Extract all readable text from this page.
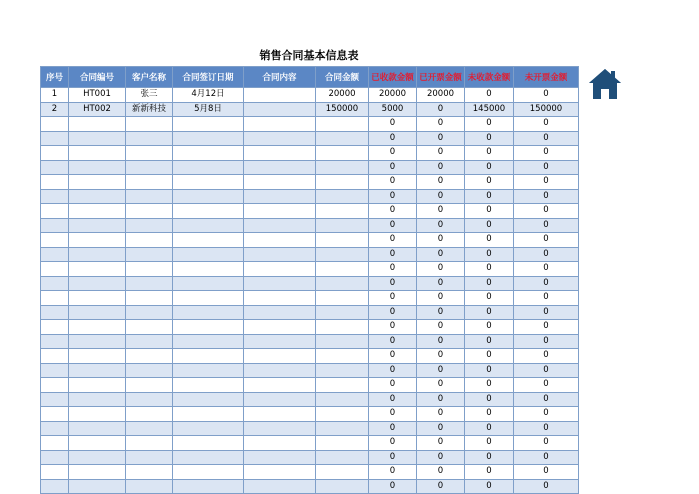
销售合同基本信息表
序号	合同编号	客户名称	合同签订日期	合同内容	合同金额	已收款金额	已开票金额	未收款金额	未开票金额
1	HT001	张三	4月12日		20000	20000	20000	0	0
2	HT002	新新科技	5月8日		150000	5000	0	145000	150000
						0	0	0	0
						0	0	0	0
						0	0	0	0
						0	0	0	0
						0	0	0	0
						0	0	0	0
						0	0	0	0
						0	0	0	0
						0	0	0	0
						0	0	0	0
						0	0	0	0
						0	0	0	0
						0	0	0	0
						0	0	0	0
						0	0	0	0
						0	0	0	0
						0	0	0	0
						0	0	0	0
						0	0	0	0
						0	0	0	0
						0	0	0	0
						0	0	0	0
						0	0	0	0
						0	0	0	0
						0	0	0	0
						0	0	0	0
